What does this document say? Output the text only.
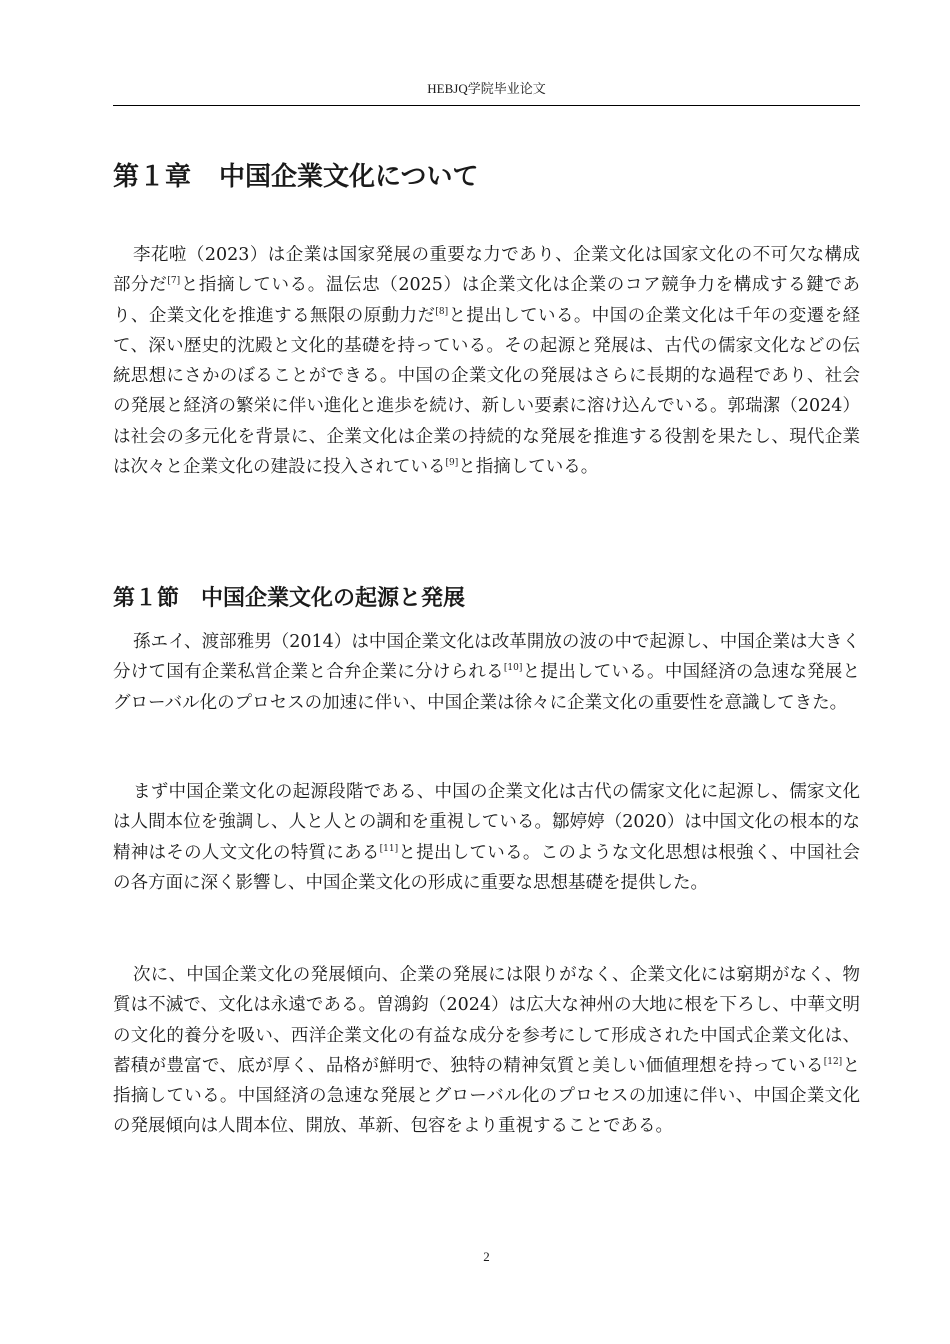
HEBJQ学院毕业论文
第１章 中国企業文化について

李花啦（2023）は企業は国家発展の重要な力であり、企業文化は国家文化の不可欠な構成部分だ[7]と指摘している。温伝忠（2025）は企業文化は企業のコア競争力を構成する鍵であり、企業文化を推進する無限の原動力だ[8]と提出している。中国の企業文化は千年の変遷を経て、深い歴史的沈殿と文化的基礎を持っている。その起源と発展は、古代の儒家文化などの伝統思想にさかのぼることができる。中国の企業文化の発展はさらに長期的な過程であり、社会の発展と経済の繁栄に伴い進化と進歩を続け、新しい要素に溶け込んでいる。郭瑞潔（2024）は社会の多元化を背景に、企業文化は企業の持続的な発展を推進する役割を果たし、現代企業は次々と企業文化の建設に投入されている[9]と指摘している。

第１節 中国企業文化の起源と発展

孫エイ、渡部雅男（2014）は中国企業文化は改革開放の波の中で起源し、中国企業は大きく分けて国有企業私営企業と合弁企業に分けられる[10]と提出している。中国経済の急速な発展とグローバル化のプロセスの加速に伴い、中国企業は徐々に企業文化の重要性を意識してきた。

まず中国企業文化の起源段階である、中国の企業文化は古代の儒家文化に起源し、儒家文化は人間本位を強調し、人と人との調和を重視している。鄒婷婷（2020）は中国文化の根本的な精神はその人文文化の特質にある[11]と提出している。このような文化思想は根強く、中国社会の各方面に深く影響し、中国企業文化の形成に重要な思想基礎を提供した。

次に、中国企業文化の発展傾向、企業の発展には限りがなく、企業文化には窮期がなく、物質は不滅で、文化は永遠である。曽鴻鈞（2024）は広大な神州の大地に根を下ろし、中華文明の文化的養分を吸い、西洋企業文化の有益な成分を参考にして形成された中国式企業文化は、蓄積が豊富で、底が厚く、品格が鮮明で、独特の精神気質と美しい価値理想を持っている[12]と指摘している。中国経済の急速な発展とグローバル化のプロセスの加速に伴い、中国企業文化の発展傾向は人間本位、開放、革新、包容をより重視することである。

2
